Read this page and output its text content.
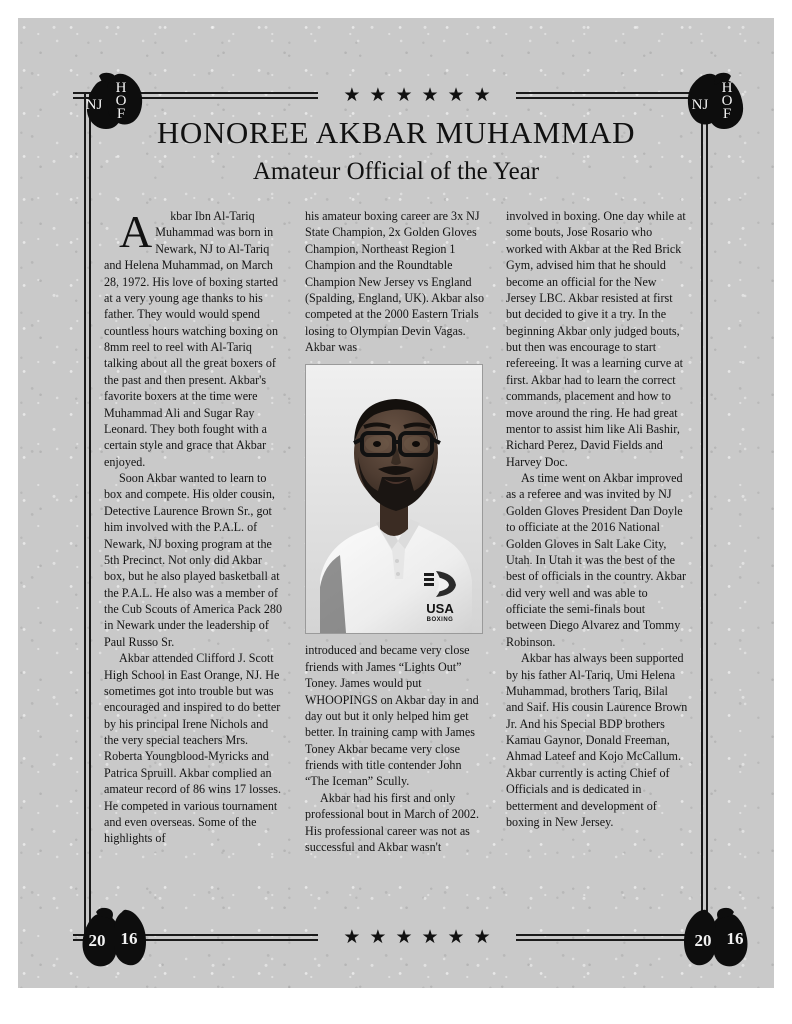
★ ★ ★ ★ ★ ★
★ ★ ★ ★ ★ ★
NJ
H
O
F
NJ
H
O
F
20 16	20 16
HONOREE AKBAR MUHAMMAD
Amateur Official of the Year

A kbar Ibn Al-Tariq Muhammad was born in Newark, NJ to Al-Tariq and Helena Muhammad, on March 28, 1972. His love of boxing started at a very young age thanks to his father. They would would spend countless hours watching boxing on 8mm reel to reel with Al-Tariq talking about all the great boxers of the past and then present. Akbar's favorite boxers at the time were Muhammad Ali and Sugar Ray Leonard. They both fought with a certain style and grace that Akbar enjoyed.

Soon Akbar wanted to learn to box and compete. His older cousin, Detective Laurence Brown Sr., got him involved with the P.A.L. of Newark, NJ boxing program at the 5th Precinct. Not only did Akbar box, but he also played basketball at the P.A.L. He also was a member of the Cub Scouts of America Pack 280 in Newark under the leadership of Paul Russo Sr.

Akbar attended Clifford J. Scott High School in East Orange, NJ. He sometimes got into trouble but was encouraged and inspired to do better by his principal Irene Nichols and the very special teachers Mrs. Roberta Youngblood-Myricks and Patrica Spruill. Akbar complied an amateur record of 86 wins 17 losses. He competed in various tournament and even overseas. Some of the highlights of

his amateur boxing career are 3x NJ State Champion, 2x Golden Gloves Champion, Northeast Region 1 Champion and the Roundtable Champion New Jersey vs England (Spalding, England, UK). Akbar also competed at the 2000 Eastern Trials losing to Olympian Devin Vagas. Akbar was

USA
BOXING

introduced and became very close friends with James “Lights Out” Toney. James would put WHOOPINGS on Akbar day in and day out but it only helped him get better. In training camp with James Toney Akbar became very close friends with title contender John “The Iceman” Scully.

Akbar had his first and only professional bout in March of 2002. His professional career was not as successful and Akbar wasn't

involved in boxing. One day while at some bouts, Jose Rosario who worked with Akbar at the Red Brick Gym, advised him that he should become an official for the New Jersey LBC. Akbar resisted at first but decided to give it a try. In the beginning Akbar only judged bouts, but then was encourage to start refereeing. It was a learning curve at first. Akbar had to learn the correct commands, placement and how to move around the ring. He had great mentor to assist him like Ali Bashir, Richard Perez, David Fields and Harvey Doc.

As time went on Akbar improved as a referee and was invited by NJ Golden Gloves President Dan Doyle to officiate at the 2016 National Golden Gloves in Salt Lake City, Utah. In Utah it was the best of the best of officials in the country. Akbar did very well and was able to officiate the semi-finals bout between Diego Alvarez and Tommy Robinson.

Akbar has always been supported by his father Al-Tariq, Umi Helena Muhammad, brothers Tariq, Bilal and Saif. His cousin Laurence Brown Jr. And his Special BDP brothers Kamau Gaynor, Donald Freeman, Ahmad Lateef and Kojo McCallum. Akbar currently is acting Chief of Officials and is dedicated in betterment and development of boxing in New Jersey.
